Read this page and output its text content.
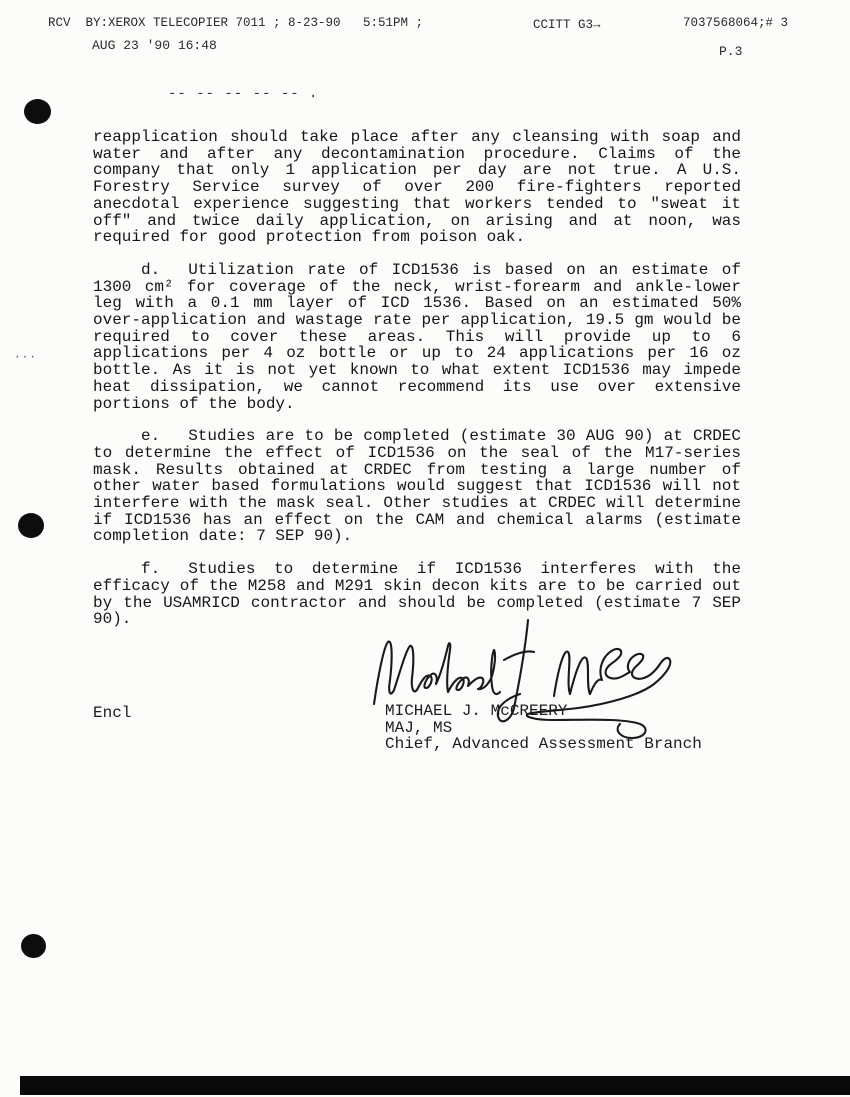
RCV  BY:XEROX TELECOPIER 7011 ; 8-23-90   5:51PM ;	CCITT G3→	7037568064;# 3
AUG 23 '90 16:48	P.3
-- -- -- -- -- .
···

reapplication should take place after any cleansing with soap and water and after any decontamination procedure. Claims of the company that only 1 application per day are not true. A U.S. Forestry Service survey of over 200 fire-fighters reported anecdotal experience suggesting that workers tended to "sweat it off" and twice daily application, on arising and at noon, was required for good protection from poison oak.

d. Utilization rate of ICD1536 is based on an estimate of 1300 cm² for coverage of the neck, wrist-forearm and ankle-lower leg with a 0.1 mm layer of ICD 1536. Based on an estimated 50% over-application and wastage rate per application, 19.5 gm would be required to cover these areas. This will provide up to 6 applications per 4 oz bottle or up to 24 applications per 16 oz bottle. As it is not yet known to what extent ICD1536 may impede heat dissipation, we cannot recommend its use over extensive portions of the body.

e. Studies are to be completed (estimate 30 AUG 90) at CRDEC to determine the effect of ICD1536 on the seal of the M17-series mask. Results obtained at CRDEC from testing a large number of other water based formulations would suggest that ICD1536 will not interfere with the mask seal. Other studies at CRDEC will determine if ICD1536 has an effect on the CAM and chemical alarms (estimate completion date: 7 SEP 90).

f. Studies to determine if ICD1536 interferes with the efficacy of the M258 and M291 skin decon kits are to be carried out by the USAMRICD contractor and should be completed (estimate 7 SEP 90).

Encl	MICHAEL J. McCREERY
MAJ, MS
Chief, Advanced Assessment Branch
